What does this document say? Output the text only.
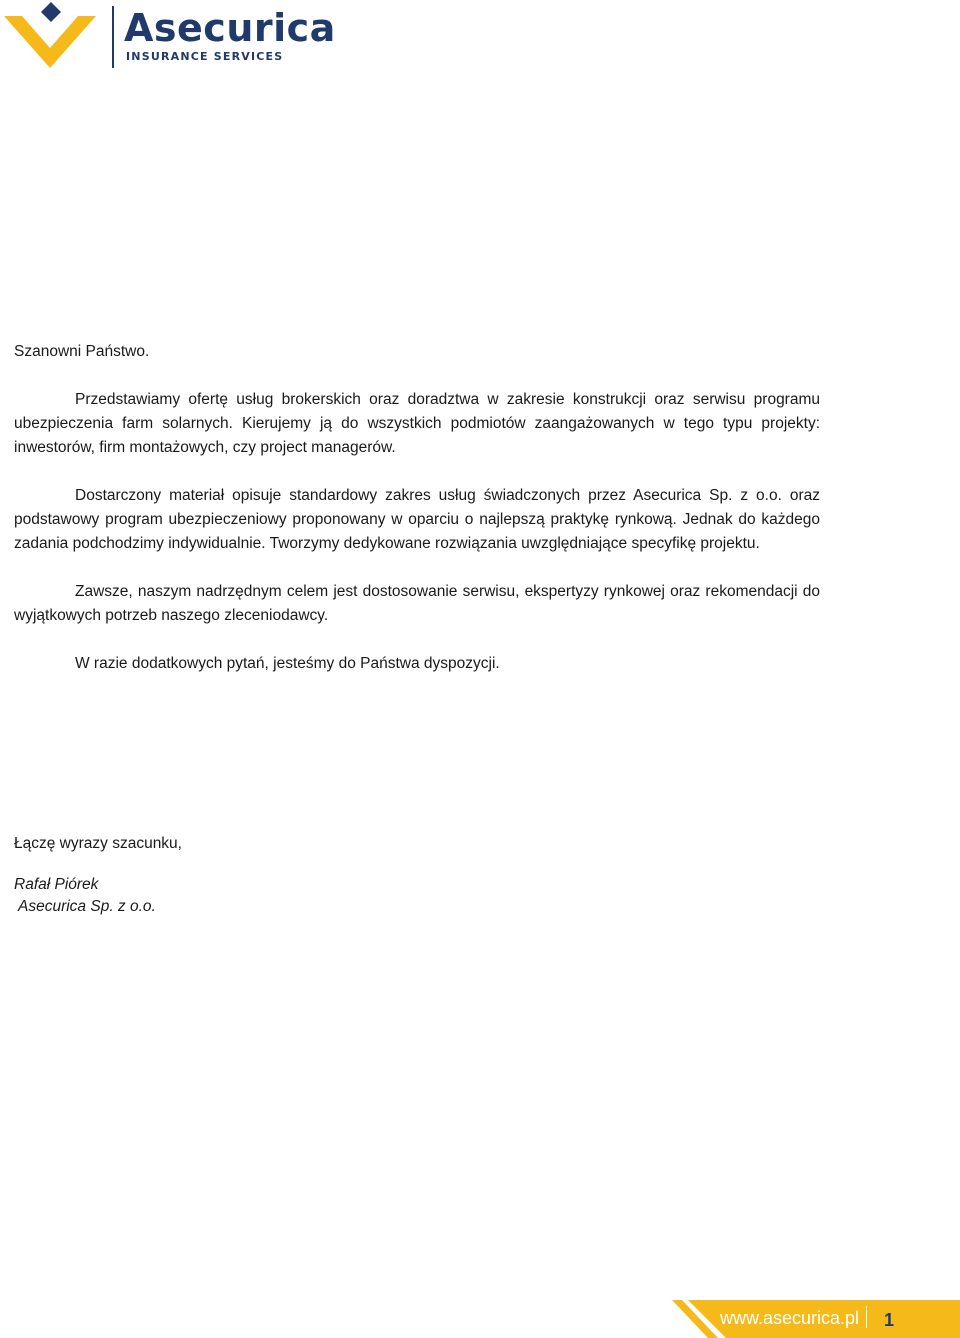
Asecurica
INSURANCE SERVICES

Szanowni Państwo.

Przedstawiamy ofertę usług brokerskich oraz doradztwa w zakresie konstrukcji oraz serwisu programu ubezpieczenia farm solarnych. Kierujemy ją do wszystkich podmiotów zaangażowanych w tego typu projekty: inwestorów, firm montażowych, czy project managerów.

Dostarczony materiał opisuje standardowy zakres usług świadczonych przez Asecurica Sp. z o.o. oraz podstawowy program ubezpieczeniowy proponowany w oparciu o najlepszą praktykę rynkową. Jednak do każdego zadania podchodzimy indywidualnie. Tworzymy dedykowane rozwiązania uwzględniające specyfikę projektu.

Zawsze, naszym nadrzędnym celem jest dostosowanie serwisu, ekspertyzy rynkowej oraz rekomendacji do wyjątkowych potrzeb naszego zleceniodawcy.

W razie dodatkowych pytań, jesteśmy do Państwa dyspozycji.

Łączę wyrazy szacunku,
Rafał Piórek
Asecurica Sp. z o.o.
www.asecurica.pl 1
